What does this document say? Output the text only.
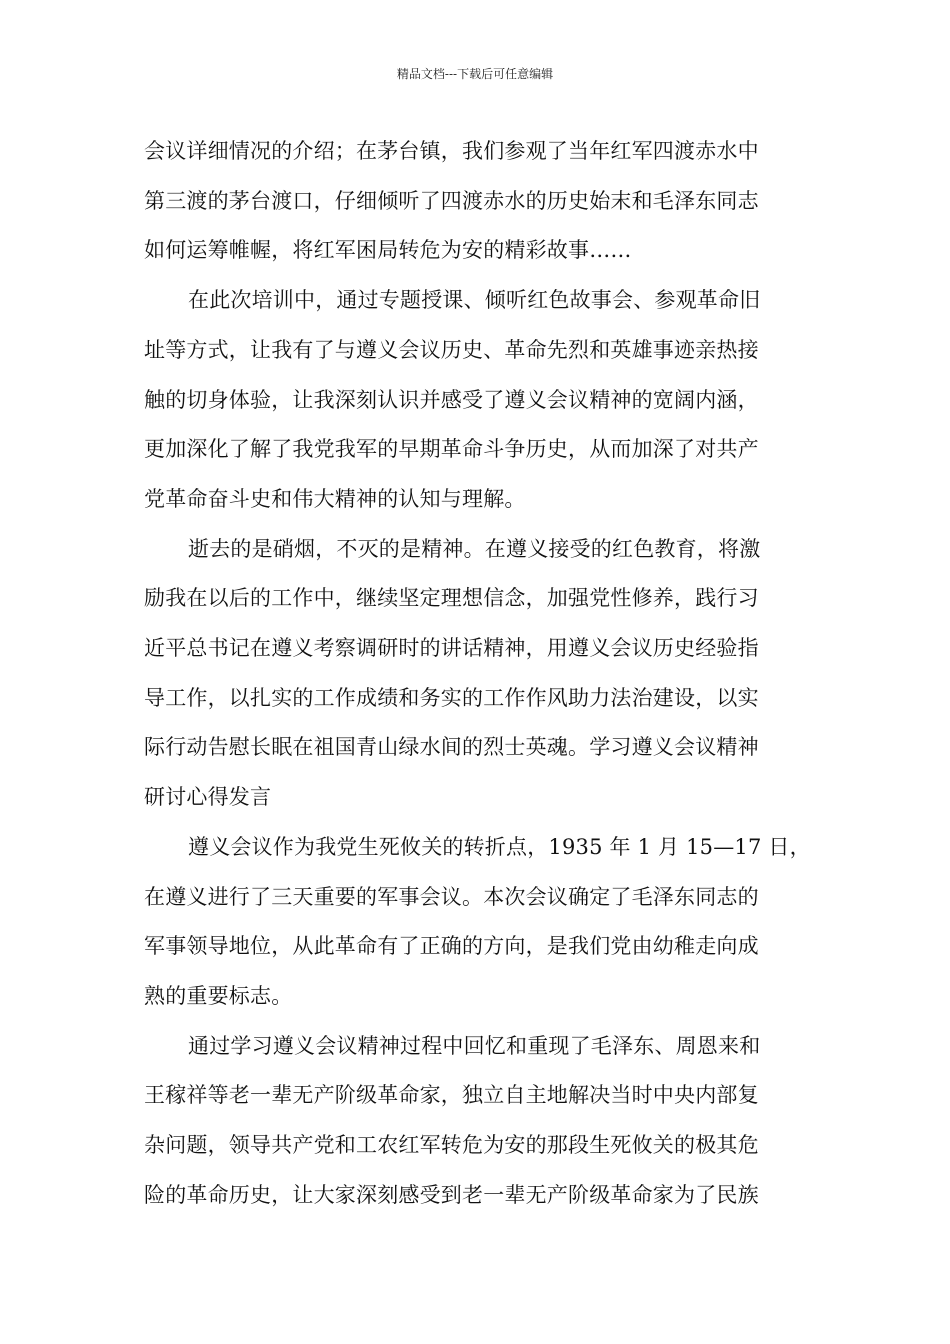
精品文档---下载后可任意编辑

会议详细情况的介绍；在茅台镇，我们参观了当年红军四渡赤水中
第三渡的茅台渡口，仔细倾听了四渡赤水的历史始末和毛泽东同志
如何运筹帷幄，将红军困局转危为安的精彩故事……

在此次培训中，通过专题授课、倾听红色故事会、参观革命旧
址等方式，让我有了与遵义会议历史、革命先烈和英雄事迹亲热接
触的切身体验，让我深刻认识并感受了遵义会议精神的宽阔内涵，
更加深化了解了我党我军的早期革命斗争历史，从而加深了对共产
党革命奋斗史和伟大精神的认知与理解。

逝去的是硝烟，不灭的是精神。在遵义接受的红色教育，将激
励我在以后的工作中，继续坚定理想信念，加强党性修养，践行习
近平总书记在遵义考察调研时的讲话精神，用遵义会议历史经验指
导工作，以扎实的工作成绩和务实的工作作风助力法治建设，以实
际行动告慰长眠在祖国青山绿水间的烈士英魂。学习遵义会议精神
研讨心得发言

遵义会议作为我党生死攸关的转折点，1935 年 1 月 15—17 日，
在遵义进行了三天重要的军事会议。本次会议确定了毛泽东同志的
军事领导地位，从此革命有了正确的方向，是我们党由幼稚走向成
熟的重要标志。

通过学习遵义会议精神过程中回忆和重现了毛泽东、周恩来和
王稼祥等老一辈无产阶级革命家，独立自主地解决当时中央内部复
杂问题，领导共产党和工农红军转危为安的那段生死攸关的极其危
险的革命历史，让大家深刻感受到老一辈无产阶级革命家为了民族
